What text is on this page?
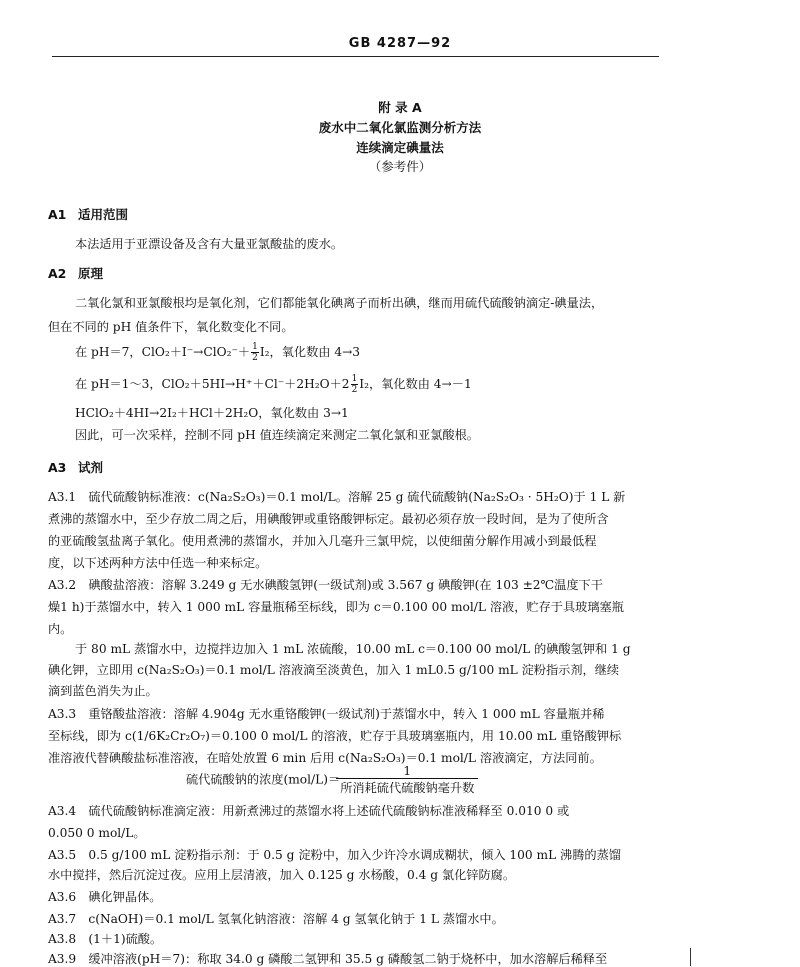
GB 4287—92
附 录 A
废水中二氧化氯监测分析方法
连续滴定碘量法
（参考件）
A1 适用范围
本法适用于亚漂设备及含有大量亚氯酸盐的废水。
A2 原理
二氧化氯和亚氯酸根均是氧化剂，它们都能氧化碘离子而析出碘，继而用硫代硫酸钠滴定-碘量法，
但在不同的 pH 值条件下，氧化数变化不同。
在 pH＝7，$ClO_2+I^-\to ClO_2^-+ \frac{1}{2} I_2$，氧化数由 4→3
在 pH＝1～3，$ClO_2+5HI\to H^++Cl^-+2H_2O+2 \frac{1}{2} I_2$，氧化数由 4→－1
HClO₂＋4HI→2I₂＋HCl＋2H₂O，氧化数由 3→1
因此，可一次采样，控制不同 pH 值连续滴定来测定二氧化氯和亚氯酸根。
A3 试剂
A3.1　硫代硫酸钠标准液：c(Na₂S₂O₃)＝0.1 mol/L。溶解 25 g 硫代硫酸钠(Na₂S₂O₃ · 5H₂O)于 1 L 新
煮沸的蒸馏水中，至少存放二周之后，用碘酸钾或重铬酸钾标定。最初必须存放一段时间，是为了使所含
的亚硫酸氢盐离子氧化。使用煮沸的蒸馏水，并加入几毫升三氯甲烷，以使细菌分解作用减小到最低程
度，以下述两种方法中任选一种来标定。
A3.2　碘酸盐溶液：溶解 3.249 g 无水碘酸氢钾(一级试剂)或 3.567 g 碘酸钾(在 103 ±2℃温度下干
燥1 h)于蒸馏水中，转入 1 000 mL 容量瓶稀至标线，即为 c＝0.100 00 mol/L 溶液，贮存于具玻璃塞瓶
内。
于 80 mL 蒸馏水中，边搅拌边加入 1 mL 浓硫酸，10.00 mL c＝0.100 00 mol/L 的碘酸氢钾和 1 g
碘化钾，立即用 c(Na₂S₂O₃)＝0.1 mol/L 溶液滴至淡黄色，加入 1 mL0.5 g/100 mL 淀粉指示剂，继续
滴到蓝色消失为止。
A3.3　重铬酸盐溶液：溶解 4.904g 无水重铬酸钾(一级试剂)于蒸馏水中，转入 1 000 mL 容量瓶并稀
至标线，即为 c(1/6K₂Cr₂O₇)＝0.100 0 mol/L 的溶液，贮存于具玻璃塞瓶内，用 10.00 mL 重铬酸钾标
准溶液代替碘酸盐标准溶液，在暗处放置 6 min 后用 c(Na₂S₂O₃)＝0.1 mol/L 溶液滴定，方法同前。
硫代硫酸钠的浓度(mol/L)＝
1
所消耗硫代硫酸钠毫升数
A3.4　硫代硫酸钠标准滴定液：用新煮沸过的蒸馏水将上述硫代硫酸钠标准液稀释至 0.010 0 或
0.050 0 mol/L。
A3.5　0.5 g/100 mL 淀粉指示剂：于 0.5 g 淀粉中，加入少许冷水调成糊状，倾入 100 mL 沸腾的蒸馏
水中搅拌，然后沉淀过夜。应用上层清液，加入 0.125 g 水杨酸，0.4 g 氯化锌防腐。
A3.6　碘化钾晶体。
A3.7　c(NaOH)＝0.1 mol/L 氢氧化钠溶液：溶解 4 g 氢氧化钠于 1 L 蒸馏水中。
A3.8　(1＋1)硫酸。
A3.9　缓冲溶液(pH＝7)：称取 34.0 g 磷酸二氢钾和 35.5 g 磷酸氢二钠于烧杯中，加水溶解后稀释至
